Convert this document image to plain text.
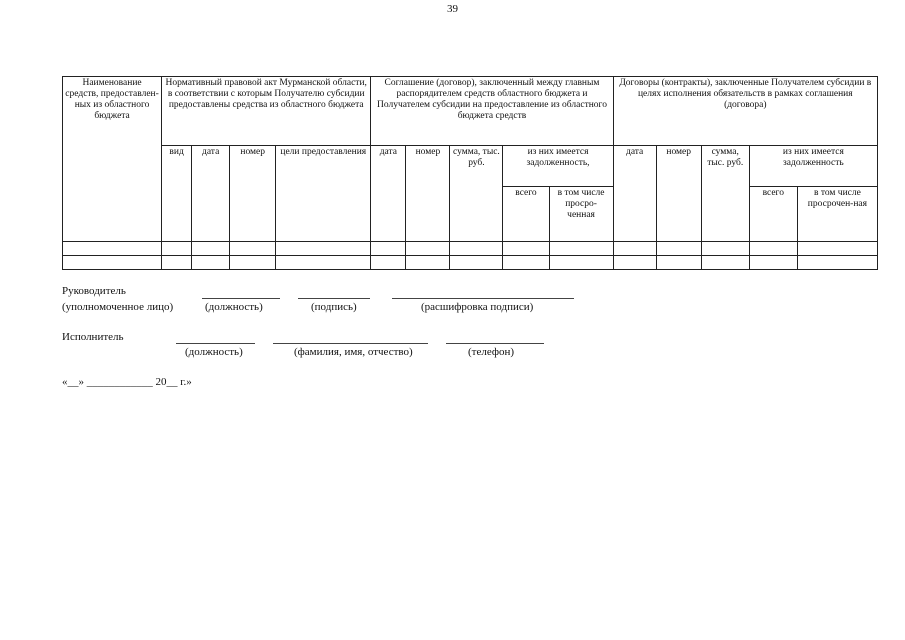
39
Наименование средств, предоставлен-ных из областного бюджета	Нормативный правовой акт Мурманской области, в соответствии с которым Получателю субсидии предоставлены средства из областного бюджета				Соглашение (договор), заключенный между главным распорядителем средств областного бюджета и Получателем субсидии на предоставление из областного бюджета средств					Договоры (контракты), заключенные Получателем субсидии в целях исполнения обязательств в рамках соглашения (договора)				
	вид	дата	номер	цели предоставления	дата	номер	сумма, тыс. руб.	из них имеется задолженность,		дата	номер	сумма, тыс. руб.	из них имеется задолженность	
								всего	в том числе просро-ченная				всего	в том числе просрочен-ная

Руководитель
(уполномоченное лицо)	(должность)	(подпись)	(расшифровка подписи)
Исполнитель
(должность)	(фамилия, имя, отчество)	(телефон)
«__» ____________ 20__ г.»
